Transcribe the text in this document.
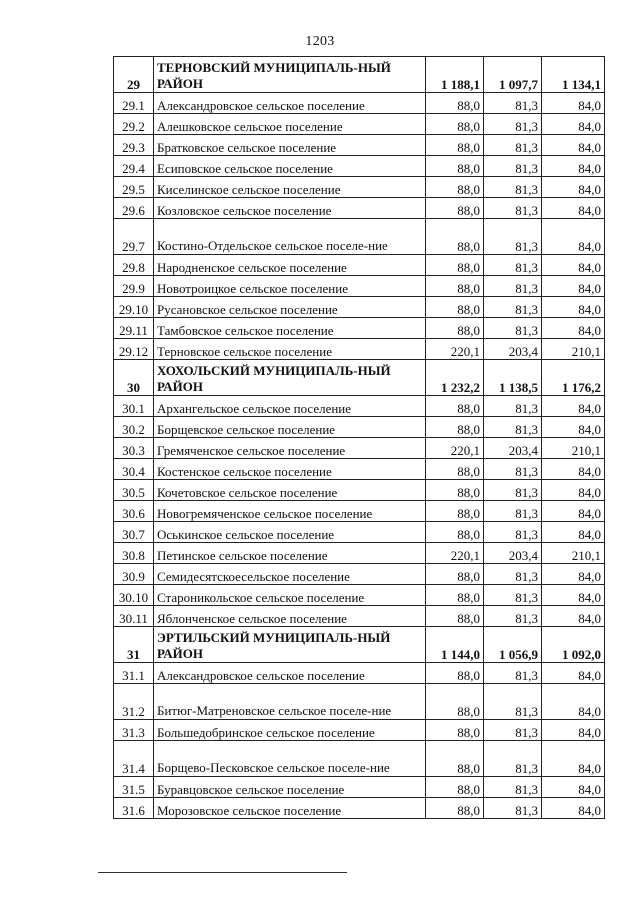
1203
29	ТЕРНОВСКИЙ МУНИЦИПАЛЬ-НЫЙ РАЙОН	1 188,1	1 097,7	1 134,1
29.1	Александровское сельское поселение	88,0	81,3	84,0
29.2	Алешковское сельское поселение	88,0	81,3	84,0
29.3	Братковское сельское поселение	88,0	81,3	84,0
29.4	Есиповское сельское поселение	88,0	81,3	84,0
29.5	Киселинское сельское поселение	88,0	81,3	84,0
29.6	Козловское сельское поселение	88,0	81,3	84,0
29.7	Костино-Отдельское сельское поселе-ние	88,0	81,3	84,0
29.8	Народненское сельское поселение	88,0	81,3	84,0
29.9	Новотроицкое сельское поселение	88,0	81,3	84,0
29.10	Русановское сельское поселение	88,0	81,3	84,0
29.11	Тамбовское сельское поселение	88,0	81,3	84,0
29.12	Терновское сельское поселение	220,1	203,4	210,1
30	ХОХОЛЬСКИЙ МУНИЦИПАЛЬ-НЫЙ РАЙОН	1 232,2	1 138,5	1 176,2
30.1	Архангельское сельское поселение	88,0	81,3	84,0
30.2	Борщевское сельское поселение	88,0	81,3	84,0
30.3	Гремяченское сельское поселение	220,1	203,4	210,1
30.4	Костенское сельское поселение	88,0	81,3	84,0
30.5	Кочетовское сельское поселение	88,0	81,3	84,0
30.6	Новогремяченское сельское поселение	88,0	81,3	84,0
30.7	Оськинское сельское поселение	88,0	81,3	84,0
30.8	Петинское сельское поселение	220,1	203,4	210,1
30.9	Семидесятскоесельское поселение	88,0	81,3	84,0
30.10	Староникольское сельское поселение	88,0	81,3	84,0
30.11	Яблонченское сельское поселение	88,0	81,3	84,0
31	ЭРТИЛЬСКИЙ МУНИЦИПАЛЬ-НЫЙ РАЙОН	1 144,0	1 056,9	1 092,0
31.1	Александровское сельское поселение	88,0	81,3	84,0
31.2	Битюг-Матреновское сельское поселе-ние	88,0	81,3	84,0
31.3	Большедобринское сельское поселение	88,0	81,3	84,0
31.4	Борщево-Песковское сельское поселе-ние	88,0	81,3	84,0
31.5	Буравцовское сельское поселение	88,0	81,3	84,0
31.6	Морозовское сельское поселение	88,0	81,3	84,0
